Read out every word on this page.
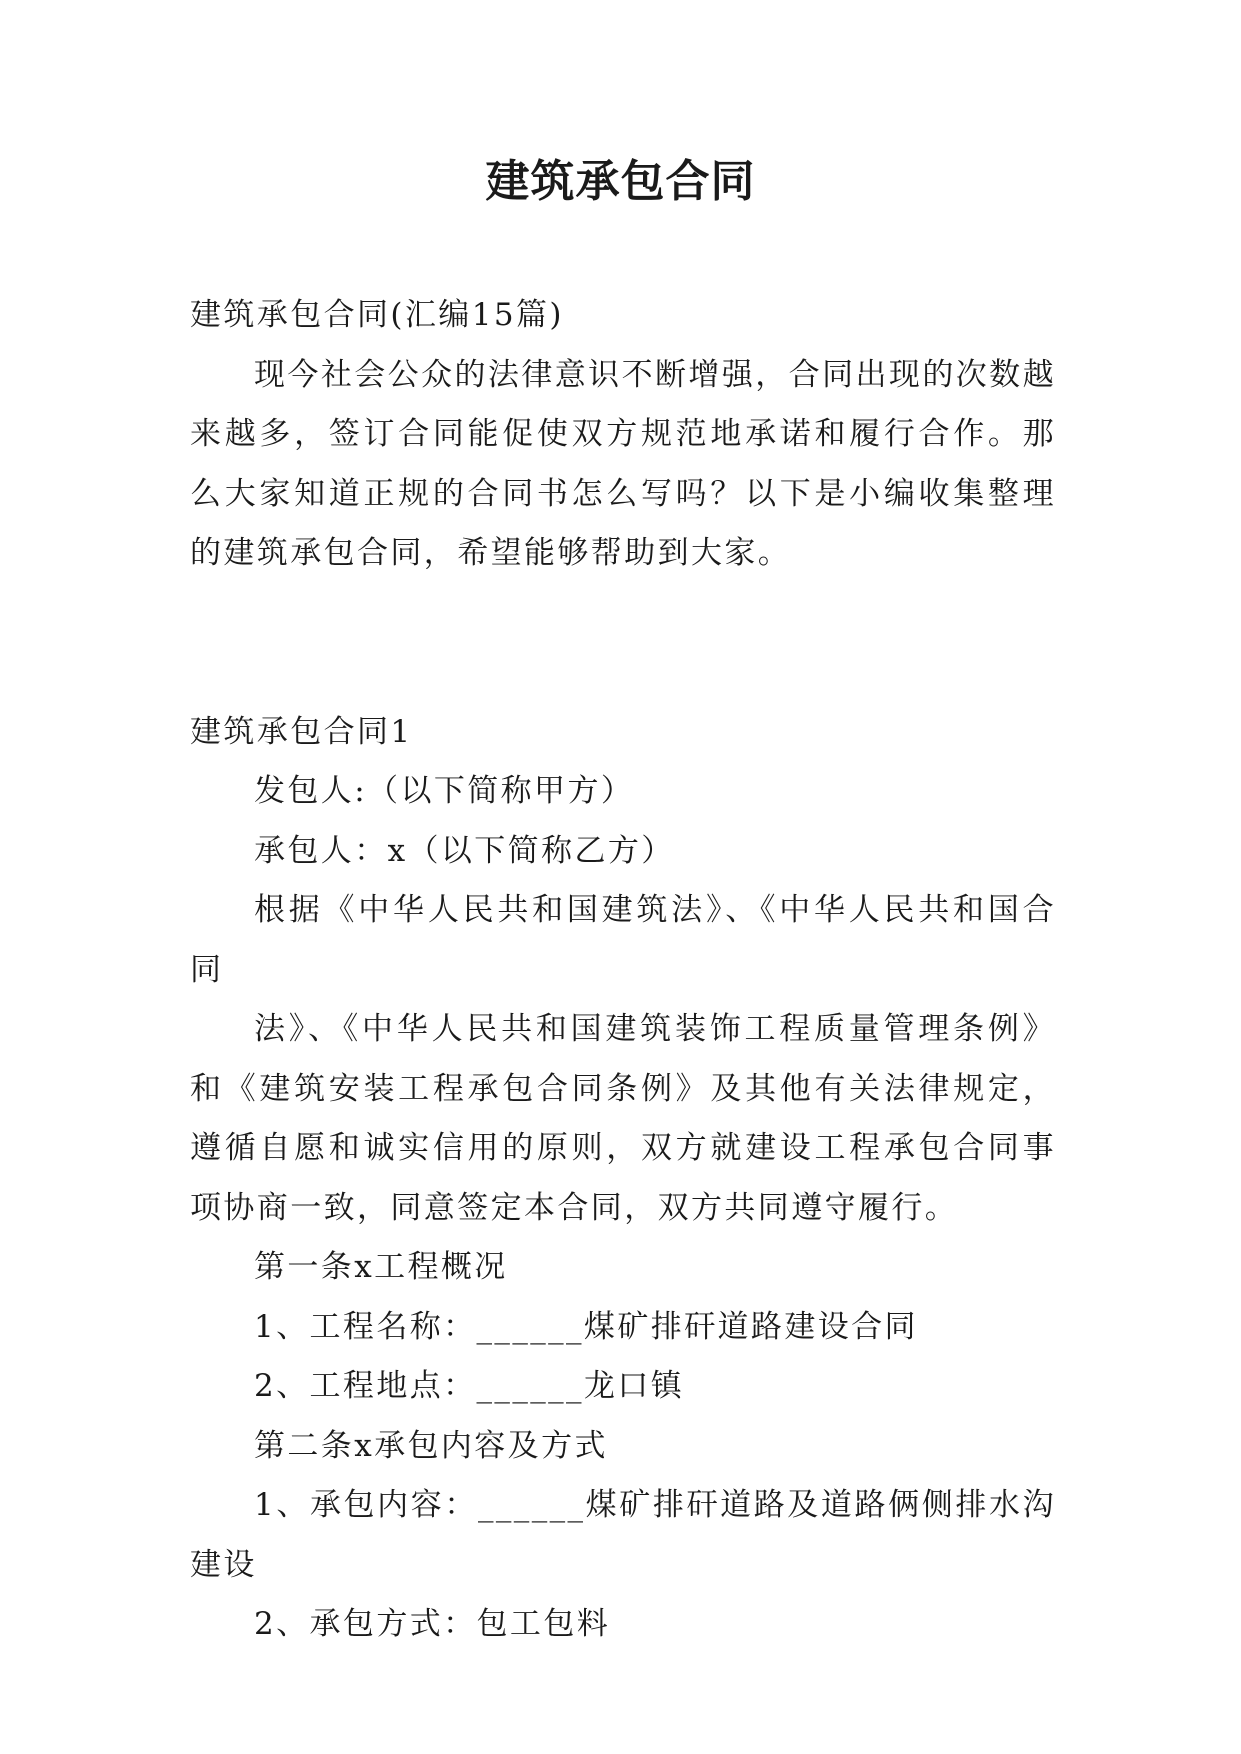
建筑承包合同

建筑承包合同(汇编15篇)

现今社会公众的法律意识不断增强，合同出现的次数越来越多，签订合同能促使双方规范地承诺和履行合作。那么大家知道正规的合同书怎么写吗？以下是小编收集整理的建筑承包合同，希望能够帮助到大家。

建筑承包合同1

发包人:（以下简称甲方）

承包人：x（以下简称乙方）

根据《中华人民共和国建筑法》、《中华人民共和国合同

法》、《中华人民共和国建筑装饰工程质量管理条例》和《建筑安装工程承包合同条例》及其他有关法律规定，遵循自愿和诚实信用的原则，双方就建设工程承包合同事项协商一致，同意签定本合同，双方共同遵守履行。

第一条x工程概况

1、工程名称：______煤矿排矸道路建设合同

2、工程地点：______龙口镇

第二条x承包内容及方式

1、承包内容：______煤矿排矸道路及道路俩侧排水沟建设

2、承包方式：包工包料
